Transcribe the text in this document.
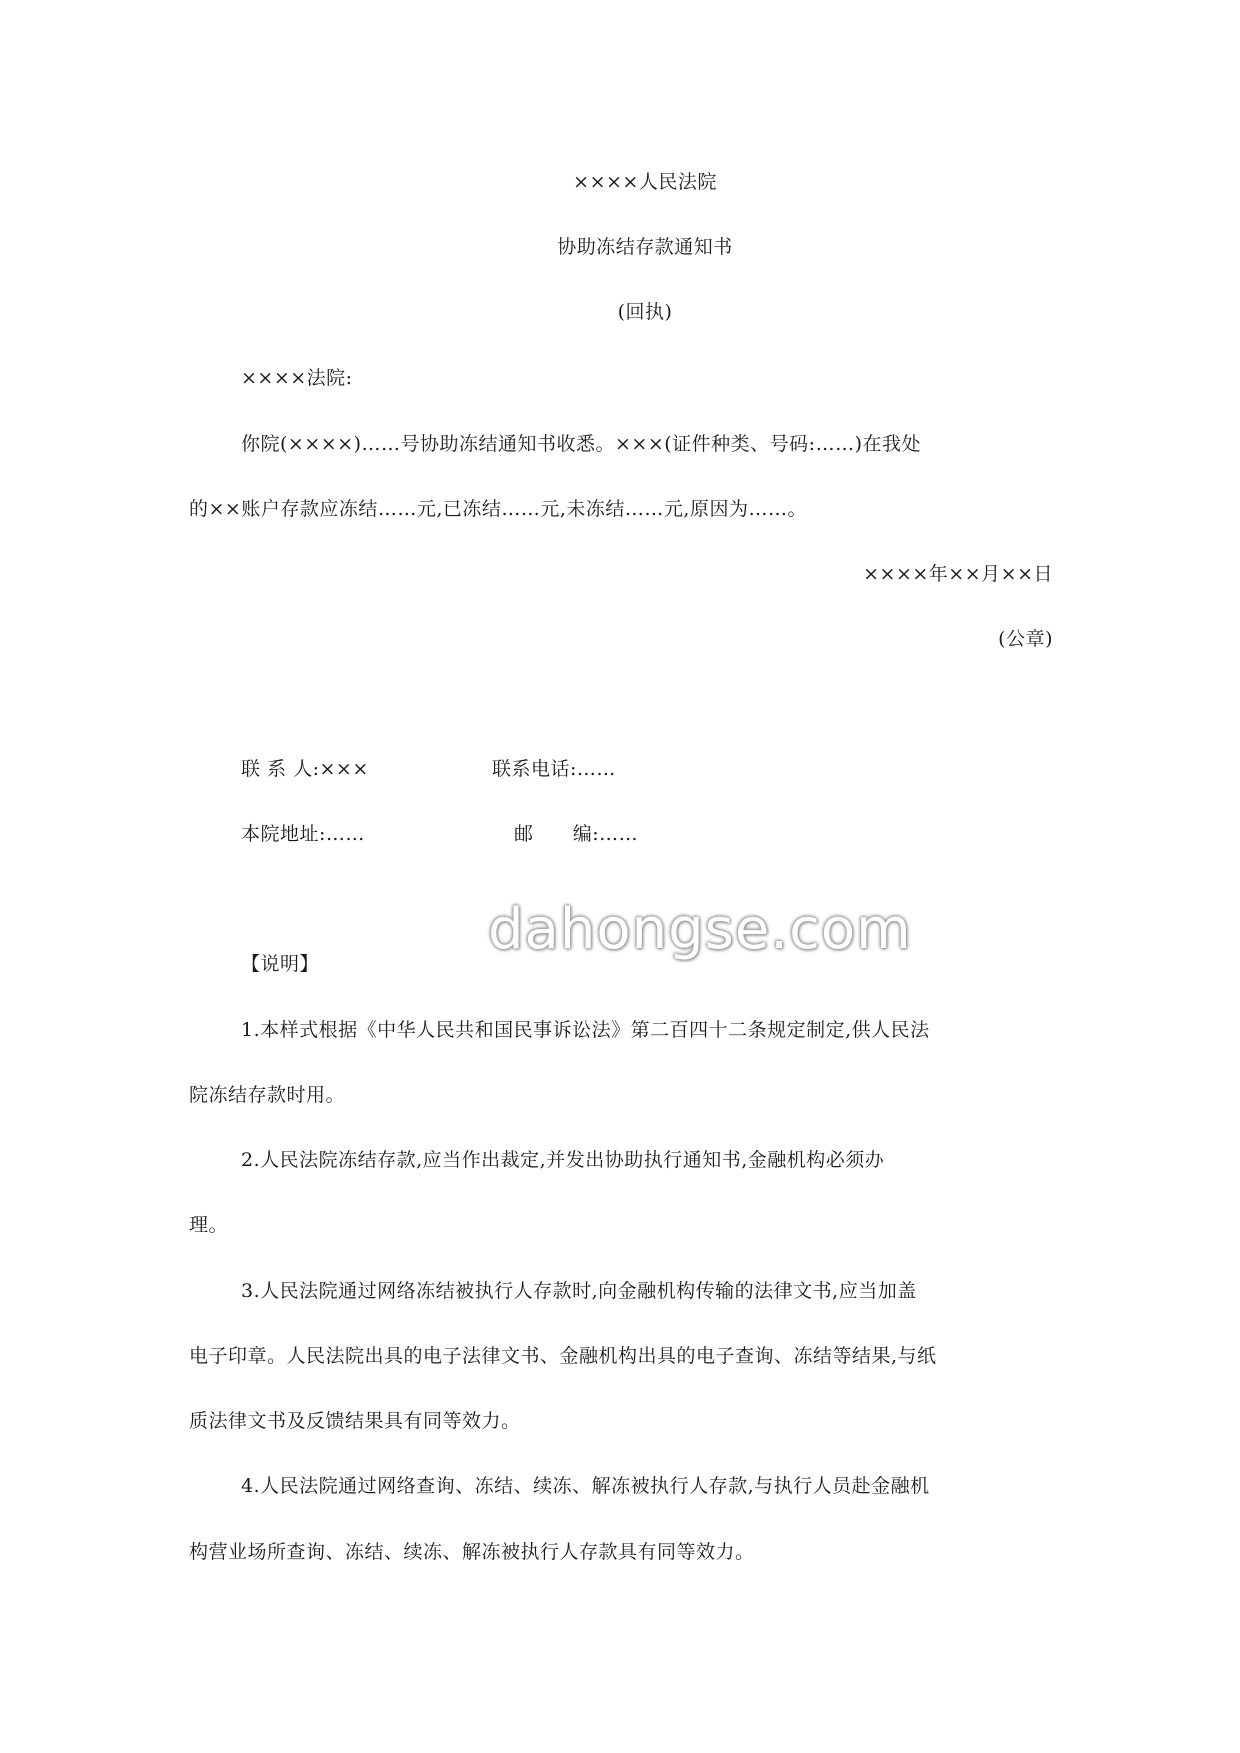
××××人民法院
协助冻结存款通知书
(回执)
××××法院:
你院(××××)……号协助冻结通知书收悉。×××(证件种类、号码:……)在我处
的××账户存款应冻结……元,已冻结……元,未冻结……元,原因为……。
××××年××月××日
(公章)
联 系 人:×××	联系电话:……
本院地址:……	邮      编:……
dahongse.com
【说明】
1.本样式根据《中华人民共和国民事诉讼法》第二百四十二条规定制定,供人民法
院冻结存款时用。
2.人民法院冻结存款,应当作出裁定,并发出协助执行通知书,金融机构必须办
理。
3.人民法院通过网络冻结被执行人存款时,向金融机构传输的法律文书,应当加盖
电子印章。人民法院出具的电子法律文书、金融机构出具的电子查询、冻结等结果,与纸
质法律文书及反馈结果具有同等效力。
4.人民法院通过网络查询、冻结、续冻、解冻被执行人存款,与执行人员赴金融机
构营业场所查询、冻结、续冻、解冻被执行人存款具有同等效力。
